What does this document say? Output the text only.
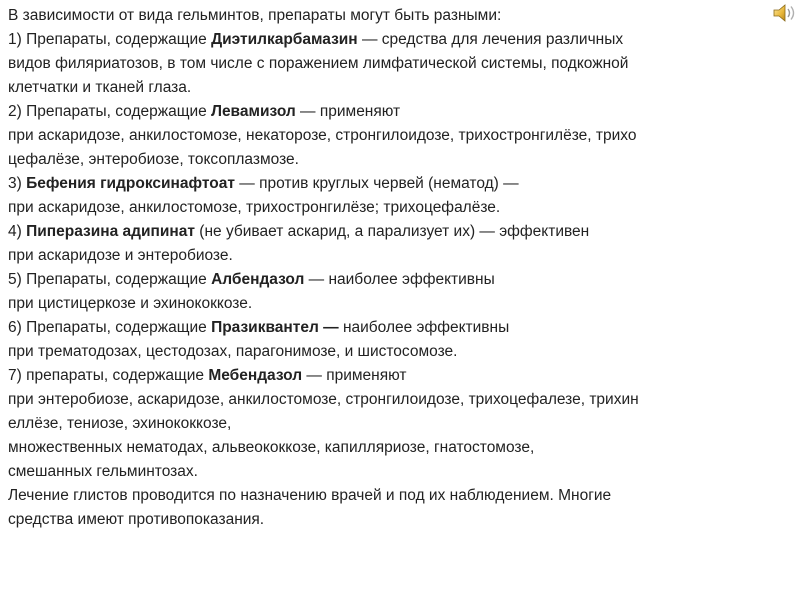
В зависимости от вида гельминтов, препараты могут быть разными:
1) Препараты, содержащие Диэтилкарбамазин — средства для лечения различных
видов филяриатозов, в том числе с поражением лимфатической системы, подкожной
клетчатки и тканей глаза.
2) Препараты, содержащие Левамизол — применяют
при аскаридозе, анкилостомозе, некаторозе, стронгилоидозе, трихостронгилёзе, трихо
цефалёзе, энтеробиозе, токсоплазмозе.
3) Бефения гидроксинафтоат — против круглых червей (нематод) —
при аскаридозе, анкилостомозе, трихостронгилёзе; трихоцефалёзе.
4) Пиперазина адипинат (не убивает аскарид, а парализует их) — эффективен
при аскаридозе и энтеробиозе.
5) Препараты, содержащие Албендазол — наиболее эффективны
при цистицеркозе и эхинококкозе.
6) Препараты, содержащие Празиквантел — наиболее эффективны
при трематодозах, цестодозах, парагонимозе, и шистосомозе.
7) препараты, содержащие Мебендазол — применяют
при энтеробиозе, аскаридозе, анкилостомозе, стронгилоидозе, трихоцефалезе, трихин
еллёзе, тениозе, эхинококкозе,
множественных нематодах, альвеококкозе, капилляриозе, гнатостомозе,
смешанных гельминтозах.
Лечение глистов проводится по назначению врачей и под их наблюдением. Многие
средства имеют противопоказания.
